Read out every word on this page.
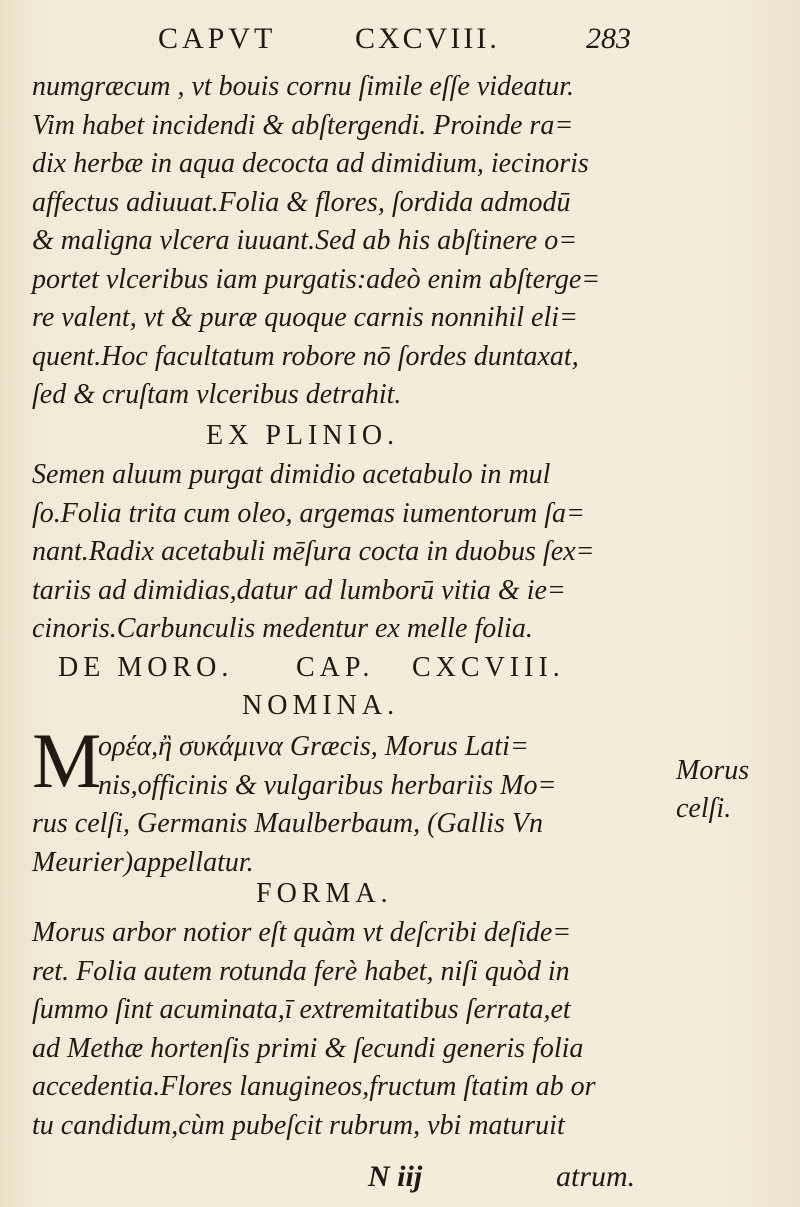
CAPVT	CXCVIII.	283
numgræcum , vt bouis cornu ſimile eſſe videatur.
Vim habet incidendi & abſtergendi. Proinde ra=
dix herbæ in aqua decocta ad dimidium, iecinoris
affectus adiuuat.Folia & flores, ſordida admodū
& maligna vlcera iuuant.Sed ab his abſtinere o=
portet vlceribus iam purgatis:adeò enim abſterge=
re valent, vt & puræ quoque carnis nonnihil eli=
quent.Hoc facultatum robore nō ſordes duntaxat,
ſed & cruſtam vlceribus detrahit.
EX PLINIO.
Semen aluum purgat dimidio acetabulo in mul
ſo.Folia trita cum oleo, argemas iumentorum ſa=
nant.Radix acetabuli mēſura cocta in duobus ſex=
tariis ad dimidias,datur ad lumborū vitia & ie=
cinoris.Carbunculis medentur ex melle folia.
DE MORO. CAP. CXCVIII.
NOMINA.
M
ορέα,ἢ συκάμινα Græcis, Morus Lati=
nis,officinis & vulgaribus herbariis Mo=
rus celſi, Germanis Maulberbaum, (Gallis Vn
Meurier)appellatur.
Morus
celſi.
FORMA.
Morus arbor notior eſt quàm vt deſcribi deſide=
ret. Folia autem rotunda ferè habet, niſi quòd in
ſummo ſint acuminata,ī extremitatibus ſerrata,et
ad Methæ hortenſis primi & ſecundi generis folia
accedentia.Flores lanugineos,fructum ſtatim ab or
tu candidum,cùm pubeſcit rubrum, vbi maturuit
N iij	atrum.
